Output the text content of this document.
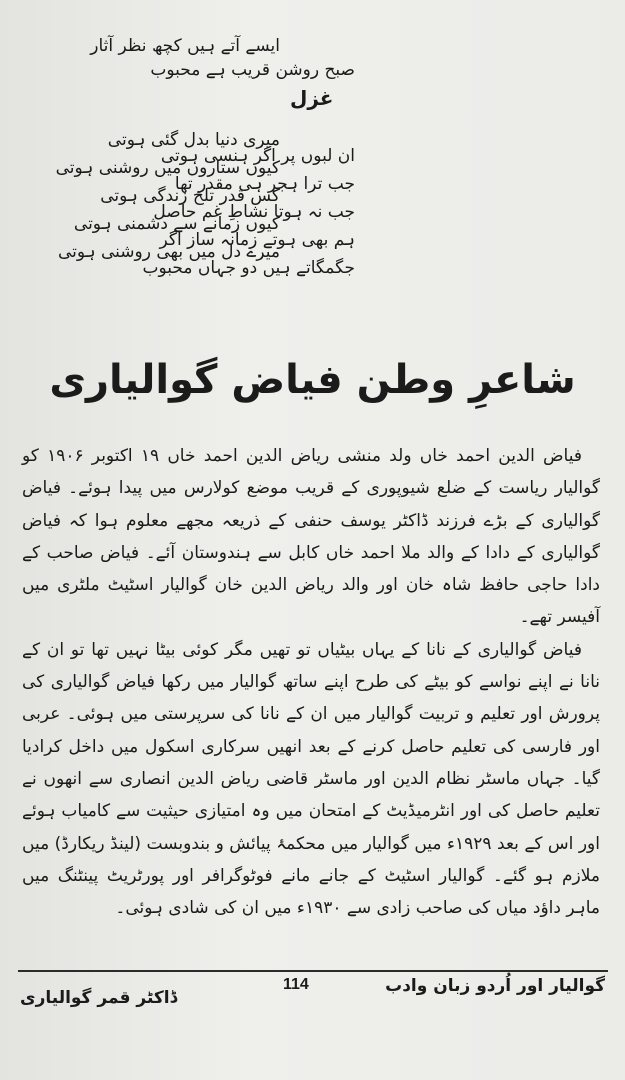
صبح روشن قریب ہے محبوب
ایسے آتے ہیں کچھ نظر آثار
غزل
ان لبوں پر اگر ہنسی ہوتی
جب ترا ہجر ہی مقدر تھا
جب نہ ہوتا نشاطِ غم حاصل
ہم بھی ہوتے زمانہ ساز اگر
جگمگاتے ہیں دو جہاں محبوب
میری دنیا بدل گئی ہوتی
کیوں ستاروں میں روشنی ہوتی
کس قدر تلخ زندگی ہوتی
کیوں زمانے سے دشمنی ہوتی
میرے دل میں بھی روشنی ہوتی
شاعرِ وطن فیاض گوالیاری

فیاض الدین احمد خاں ولد منشی ریاض الدین احمد خاں ۱۹ اکتوبر ۱۹۰۶ کو گوالیار ریاست کے ضلع شیوپوری کے قریب موضع کولارس میں پیدا ہوئے۔ فیاض گوالیاری کے بڑے فرزند ڈاکٹر یوسف حنفی کے ذریعہ مجھے معلوم ہوا کہ فیاض گوالیاری کے دادا کے والد ملا احمد خاں کابل سے ہندوستان آئے۔ فیاض صاحب کے دادا حاجی حافظ شاہ خان اور والد ریاض الدین خان گوالیار اسٹیٹ ملٹری میں آفیسر تھے۔

فیاض گوالیاری کے نانا کے یہاں بیٹیاں تو تھیں مگر کوئی بیٹا نہیں تھا تو ان کے نانا نے اپنے نواسے کو بیٹے کی طرح اپنے ساتھ گوالیار میں رکھا فیاض گوالیاری کی پرورش اور تعلیم و تربیت گوالیار میں ان کے نانا کی سرپرستی میں ہوئی۔ عربی اور فارسی کی تعلیم حاصل کرنے کے بعد انھیں سرکاری اسکول میں داخل کرادیا گیا۔ جہاں ماسٹر نظام الدین اور ماسٹر قاضی ریاض الدین انصاری سے انھوں نے تعلیم حاصل کی اور انٹرمیڈیٹ کے امتحان میں وہ امتیازی حیثیت سے کامیاب ہوئے اور اس کے بعد ۱۹۲۹ء میں گوالیار میں محکمۂ پیائش و بندوبست (لینڈ ریکارڈ) میں ملازم ہو گئے۔ گوالیار اسٹیٹ کے جانے مانے فوٹوگرافر اور پورٹریٹ پینٹنگ میں ماہر داؤد میاں کی صاحب زادی سے ۱۹۳۰ء میں ان کی شادی ہوئی۔

گوالیار اور اُردو زبان وادب
114
ڈاکٹر قمر گوالیاری
